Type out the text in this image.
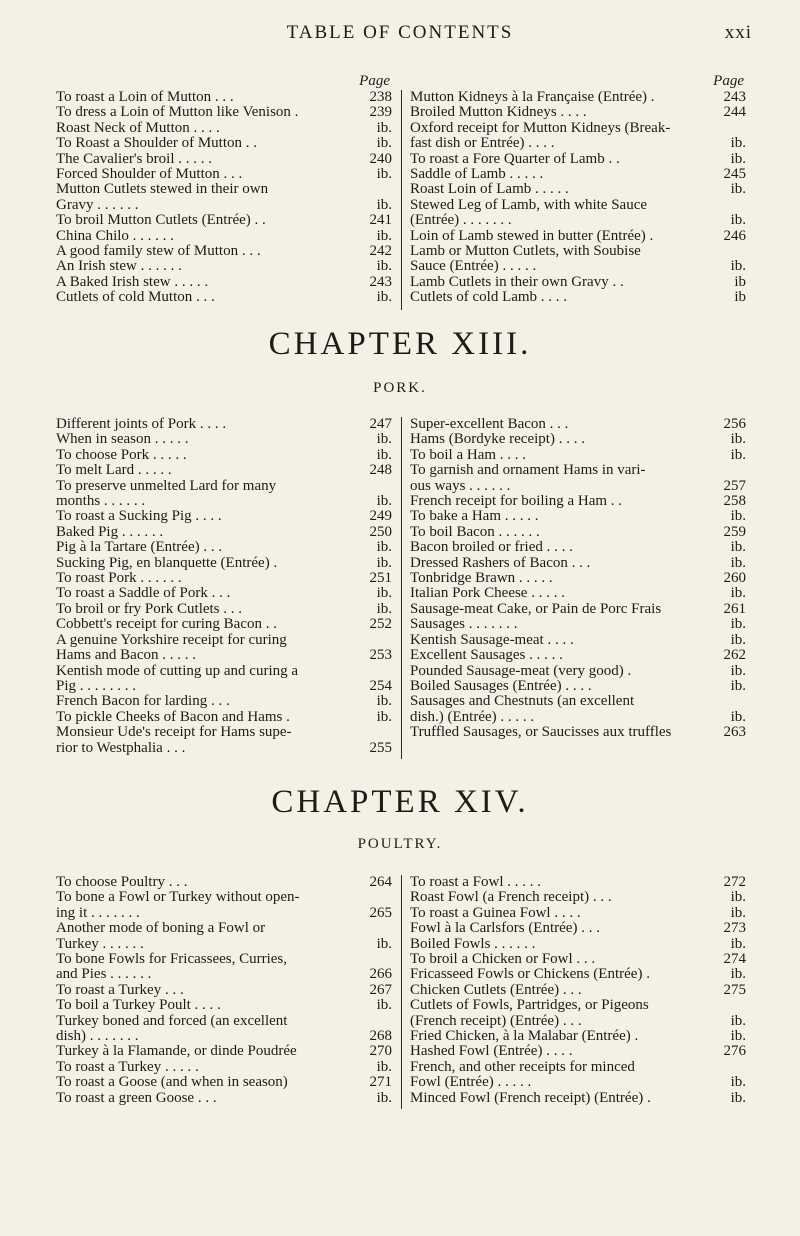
TABLE OF CONTENTS	xxi
Page
To roast a Loin of Mutton . . .	238
To dress a Loin of Mutton like Venison .	239
Roast Neck of Mutton . . . .	ib.
To Roast a Shoulder of Mutton . .	ib.
The Cavalier's broil . . . . .	240
Forced Shoulder of Mutton . . .	ib.
Mutton Cutlets stewed in their own
Gravy . . . . . .	ib.
To broil Mutton Cutlets (Entrée) . .	241
China Chilo . . . . . .	ib.
A good family stew of Mutton . . .	242
An Irish stew . . . . . .	ib.
A Baked Irish stew . . . . .	243
Cutlets of cold Mutton . . .	ib.
Page
Mutton Kidneys à la Française (Entrée) .	243
Broiled Mutton Kidneys . . . .	244
Oxford receipt for Mutton Kidneys (Break-
fast dish or Entrée) . . . .	ib.
To roast a Fore Quarter of Lamb . .	ib.
Saddle of Lamb . . . . .	245
Roast Loin of Lamb . . . . .	ib.
Stewed Leg of Lamb, with white Sauce
(Entrée) . . . . . . .	ib.
Loin of Lamb stewed in butter (Entrée) .	246
Lamb or Mutton Cutlets, with Soubise
Sauce (Entrée) . . . . .	ib.
Lamb Cutlets in their own Gravy . .	ib
Cutlets of cold Lamb . . . .	ib
CHAPTER XIII.
PORK.
Different joints of Pork . . . .	247
When in season . . . . .	ib.
To choose Pork . . . . .	ib.
To melt Lard . . . . .	248
To preserve unmelted Lard for many
months . . . . . .	ib.
To roast a Sucking Pig . . . .	249
Baked Pig . . . . . .	250
Pig à la Tartare (Entrée) . . .	ib.
Sucking Pig, en blanquette (Entrée) .	ib.
To roast Pork . . . . . .	251
To roast a Saddle of Pork . . .	ib.
To broil or fry Pork Cutlets . . .	ib.
Cobbett's receipt for curing Bacon . .	252
A genuine Yorkshire receipt for curing
Hams and Bacon . . . . .	253
Kentish mode of cutting up and curing a
Pig . . . . . . . .	254
French Bacon for larding . . .	ib.
To pickle Cheeks of Bacon and Hams .	ib.
Monsieur Ude's receipt for Hams supe-
rior to Westphalia . . .	255
Super-excellent Bacon . . .	256
Hams (Bordyke receipt) . . . .	ib.
To boil a Ham . . . .	ib.
To garnish and ornament Hams in vari-
ous ways . . . . . .	257
French receipt for boiling a Ham . .	258
To bake a Ham . . . . .	ib.
To boil Bacon . . . . . .	259
Bacon broiled or fried . . . .	ib.
Dressed Rashers of Bacon . . .	ib.
Tonbridge Brawn . . . . .	260
Italian Pork Cheese . . . . .	ib.
Sausage-meat Cake, or Pain de Porc Frais	261
Sausages . . . . . . .	ib.
Kentish Sausage-meat . . . .	ib.
Excellent Sausages . . . . .	262
Pounded Sausage-meat (very good) .	ib.
Boiled Sausages (Entrée) . . . .	ib.
Sausages and Chestnuts (an excellent
dish.) (Entrée) . . . . .	ib.
Truffled Sausages, or Saucisses aux truffles	263
CHAPTER XIV.
POULTRY.
To choose Poultry . . .	264
To bone a Fowl or Turkey without open-
ing it . . . . . . .	265
Another mode of boning a Fowl or
Turkey . . . . . .	ib.
To bone Fowls for Fricassees, Curries,
and Pies . . . . . .	266
To roast a Turkey . . .	267
To boil a Turkey Poult . . . .	ib.
Turkey boned and forced (an excellent
dish) . . . . . . .	268
Turkey à la Flamande, or dinde Poudrée	270
To roast a Turkey . . . . .	ib.
To roast a Goose (and when in season)	271
To roast a green Goose . . .	ib.
To roast a Fowl . . . . .	272
Roast Fowl (a French receipt) . . .	ib.
To roast a Guinea Fowl . . . .	ib.
Fowl à la Carlsfors (Entrée) . . .	273
Boiled Fowls . . . . . .	ib.
To broil a Chicken or Fowl . . .	274
Fricasseed Fowls or Chickens (Entrée) .	ib.
Chicken Cutlets (Entrée) . . .	275
Cutlets of Fowls, Partridges, or Pigeons
(French receipt) (Entrée) . . .	ib.
Fried Chicken, à la Malabar (Entrée) .	ib.
Hashed Fowl (Entrée) . . . .	276
French, and other receipts for minced
Fowl (Entrée) . . . . .	ib.
Minced Fowl (French receipt) (Entrée) .	ib.
